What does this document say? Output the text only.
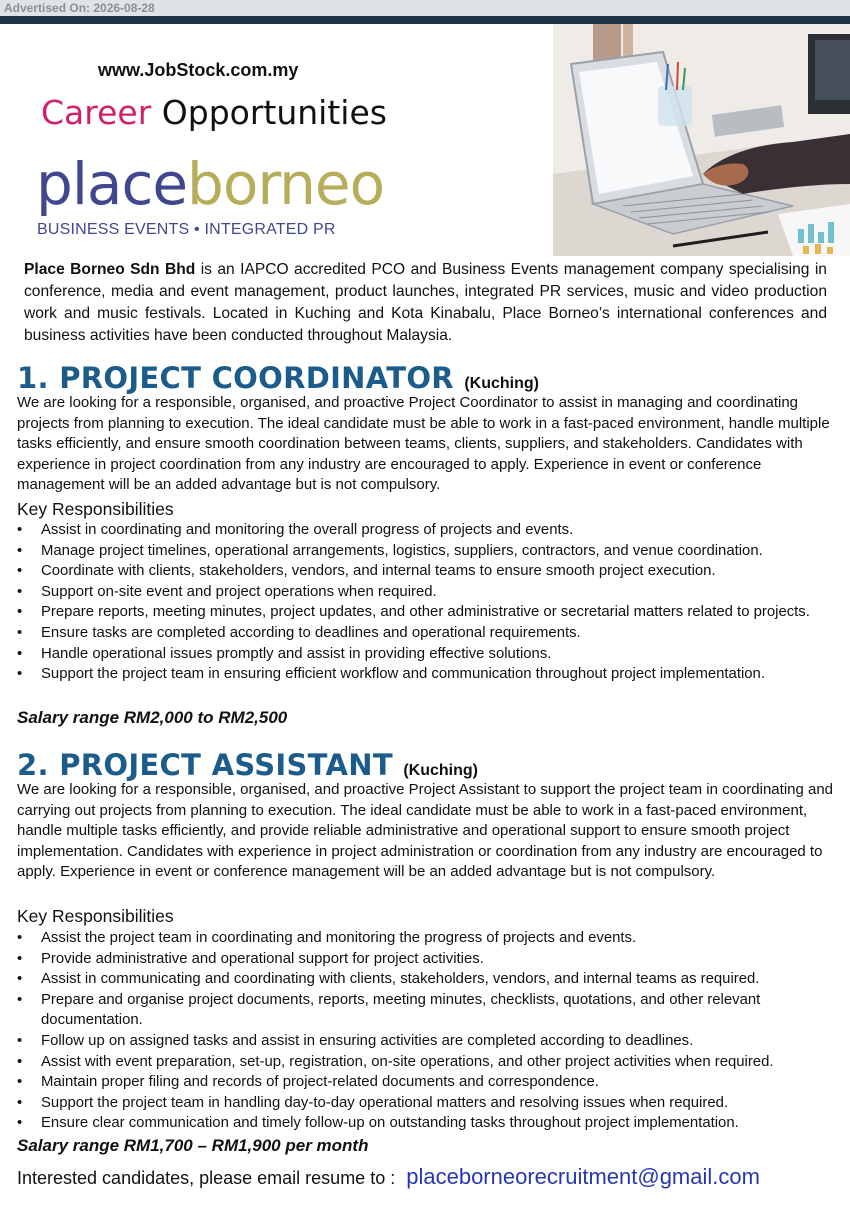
Advertised On: 2026-08-28
www.JobStock.com.my
Career Opportunities
placeborneo
BUSINESS EVENTS • INTEGRATED PR
Place Borneo Sdn Bhd is an IAPCO accredited PCO and Business Events management company specialising in conference, media and event management, product launches, integrated PR services, music and video production work and music festivals. Located in Kuching and Kota Kinabalu, Place Borneo’s international conferences and business activities have been conducted throughout Malaysia.
1. PROJECT COORDINATOR (Kuching)
We are looking for a responsible, organised, and proactive Project Coordinator to assist in managing and coordinating projects from planning to execution. The ideal candidate must be able to work in a fast-paced environment, handle multiple tasks efficiently, and ensure smooth coordination between teams, clients, suppliers, and stakeholders. Candidates with experience in project coordination from any industry are encouraged to apply. Experience in event or conference management will be an added advantage but is not compulsory.
Key Responsibilities
• Assist in coordinating and monitoring the overall progress of projects and events.
• Manage project timelines, operational arrangements, logistics, suppliers, contractors, and venue coordination.
• Coordinate with clients, stakeholders, vendors, and internal teams to ensure smooth project execution.
• Support on-site event and project operations when required.
• Prepare reports, meeting minutes, project updates, and other administrative or secretarial matters related to projects.
• Ensure tasks are completed according to deadlines and operational requirements.
• Handle operational issues promptly and assist in providing effective solutions.
• Support the project team in ensuring efficient workflow and communication throughout project implementation.
Salary range RM2,000 to RM2,500
2. PROJECT ASSISTANT (Kuching)
We are looking for a responsible, organised, and proactive Project Assistant to support the project team in coordinating and carrying out projects from planning to execution. The ideal candidate must be able to work in a fast-paced environment, handle multiple tasks efficiently, and provide reliable administrative and operational support to ensure smooth project implementation. Candidates with experience in project administration or coordination from any industry are encouraged to apply. Experience in event or conference management will be an added advantage but is not compulsory.
Key Responsibilities
• Assist the project team in coordinating and monitoring the progress of projects and events.
• Provide administrative and operational support for project activities.
• Assist in communicating and coordinating with clients, stakeholders, vendors, and internal teams as required.
• Prepare and organise project documents, reports, meeting minutes, checklists, quotations, and other relevant documentation.
• Follow up on assigned tasks and assist in ensuring activities are completed according to deadlines.
• Assist with event preparation, set-up, registration, on-site operations, and other project activities when required.
• Maintain proper filing and records of project-related documents and correspondence.
• Support the project team in handling day-to-day operational matters and resolving issues when required.
• Ensure clear communication and timely follow-up on outstanding tasks throughout project implementation.
Salary range RM1,700 – RM1,900 per month
Interested candidates, please email resume to : placeborneorecruitment@gmail.com
